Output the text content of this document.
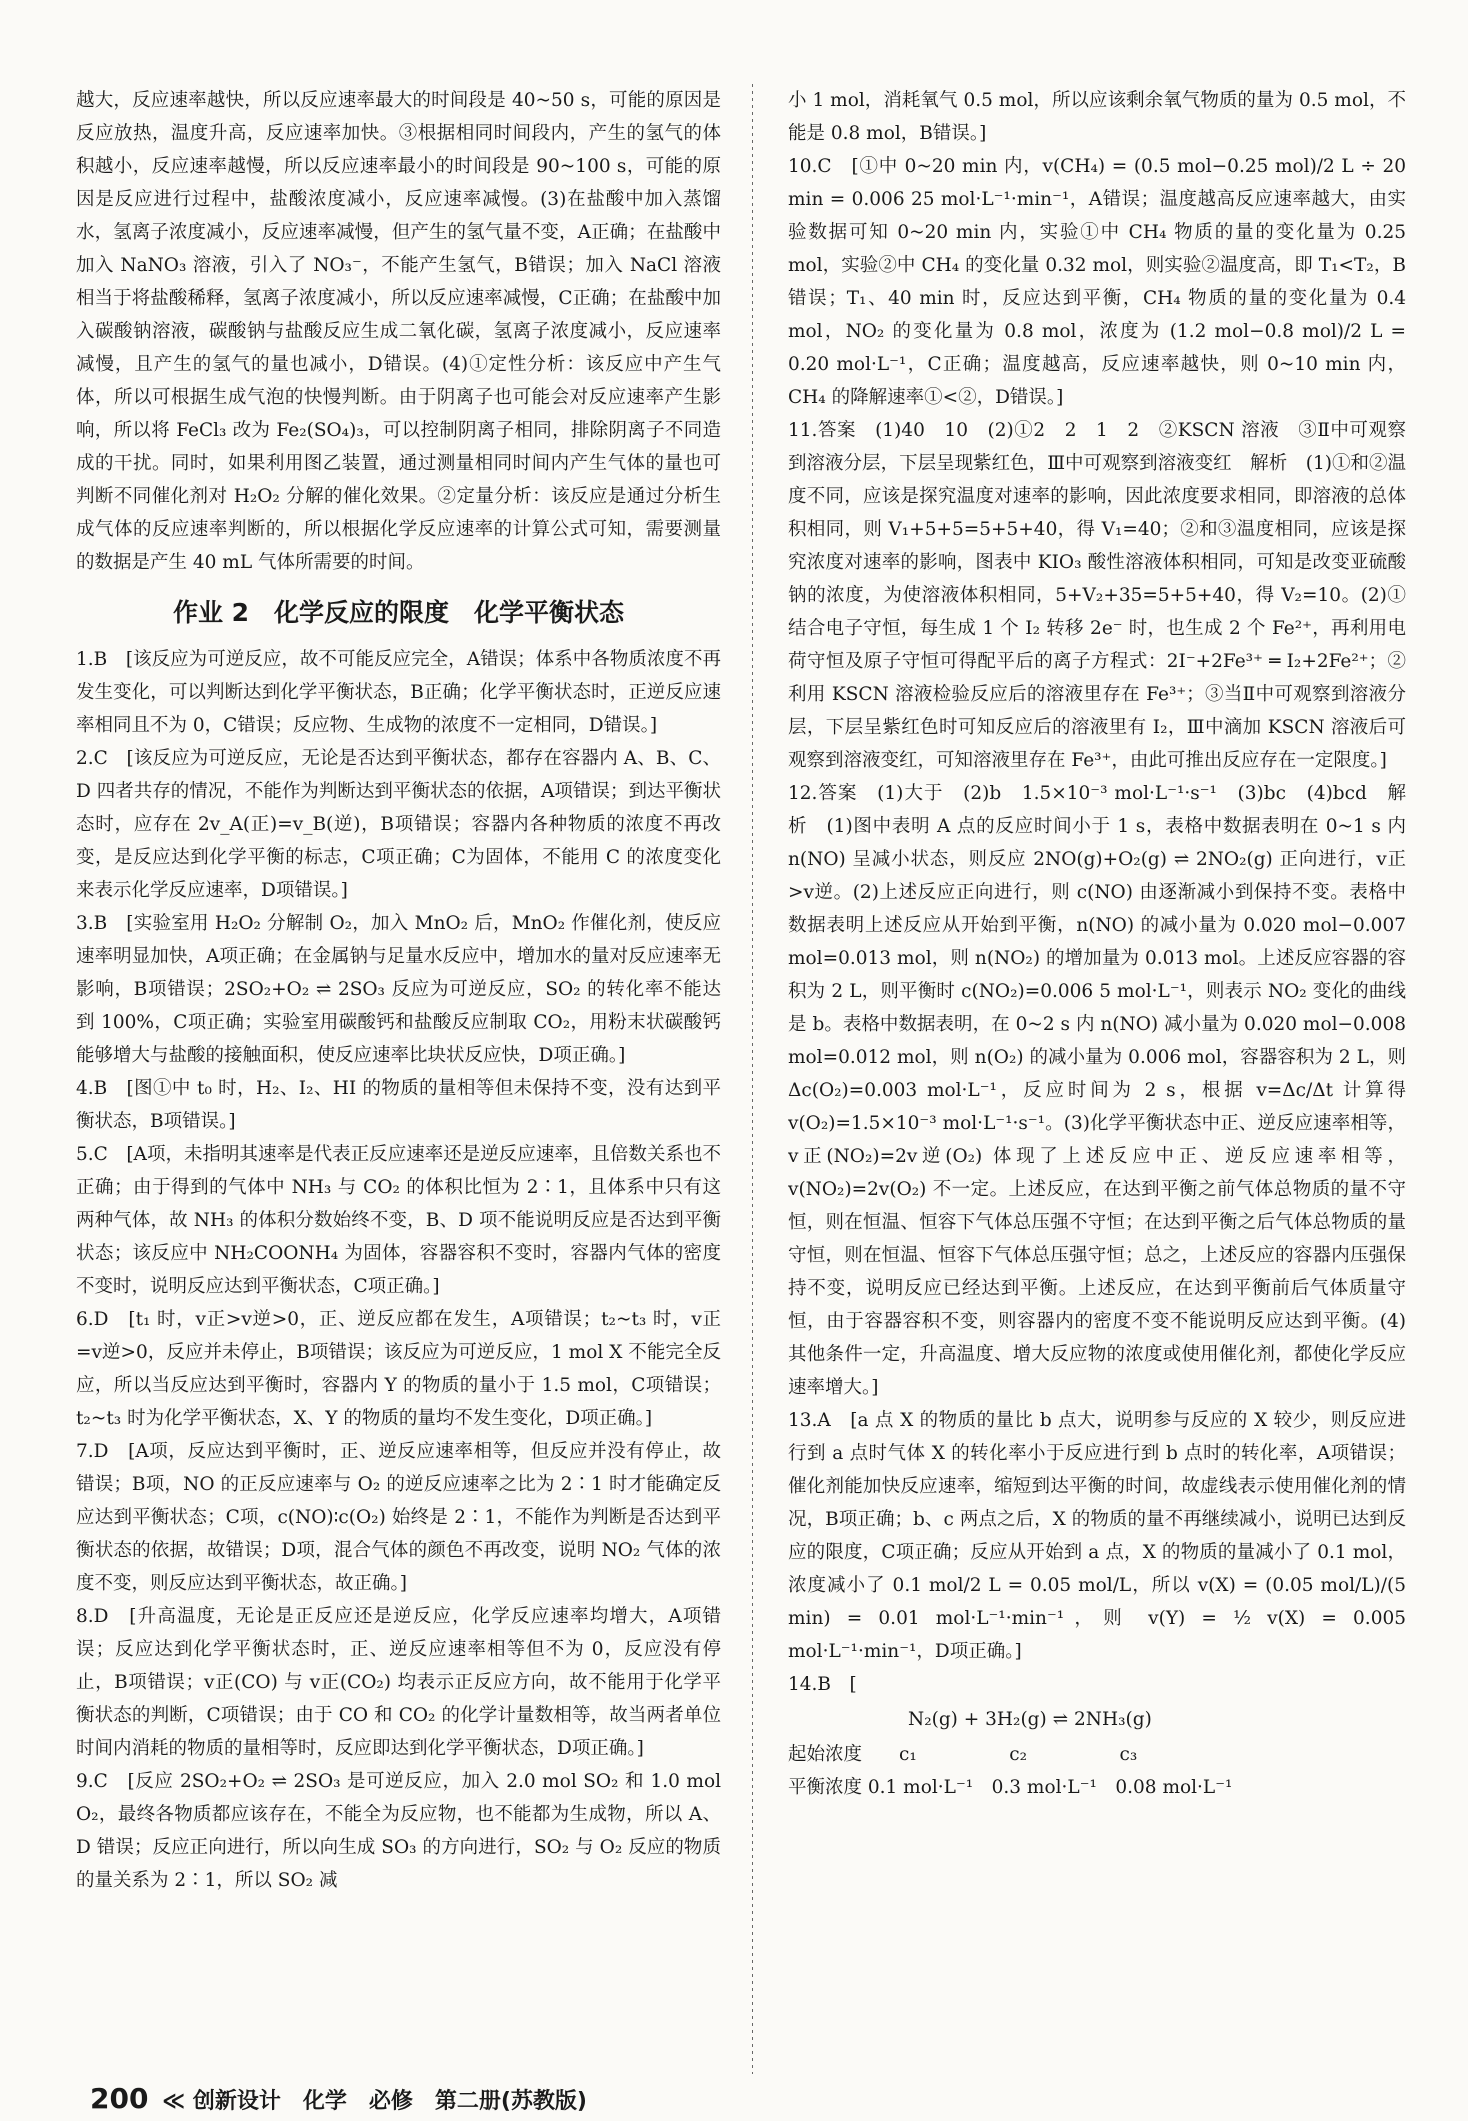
越大，反应速率越快，所以反应速率最大的时间段是 40~50 s，可能的原因是反应放热，温度升高，反应速率加快。③根据相同时间段内，产生的氢气的体积越小，反应速率越慢，所以反应速率最小的时间段是 90~100 s，可能的原因是反应进行过程中，盐酸浓度减小，反应速率减慢。(3)在盐酸中加入蒸馏水，氢离子浓度减小，反应速率减慢，但产生的氢气量不变，A正确；在盐酸中加入 NaNO₃ 溶液，引入了 NO₃⁻，不能产生氢气，B错误；加入 NaCl 溶液相当于将盐酸稀释，氢离子浓度减小，所以反应速率减慢，C正确；在盐酸中加入碳酸钠溶液，碳酸钠与盐酸反应生成二氧化碳，氢离子浓度减小，反应速率减慢，且产生的氢气的量也减小，D错误。(4)①定性分析：该反应中产生气体，所以可根据生成气泡的快慢判断。由于阴离子也可能会对反应速率产生影响，所以将 FeCl₃ 改为 Fe₂(SO₄)₃，可以控制阴离子相同，排除阴离子不同造成的干扰。同时，如果利用图乙装置，通过测量相同时间内产生气体的量也可判断不同催化剂对 H₂O₂ 分解的催化效果。②定量分析：该反应是通过分析生成气体的反应速率判断的，所以根据化学反应速率的计算公式可知，需要测量的数据是产生 40 mL 气体所需要的时间。

作业 2　化学反应的限度　化学平衡状态

1.B　[该反应为可逆反应，故不可能反应完全，A错误；体系中各物质浓度不再发生变化，可以判断达到化学平衡状态，B正确；化学平衡状态时，正逆反应速率相同且不为 0，C错误；反应物、生成物的浓度不一定相同，D错误。]

2.C　[该反应为可逆反应，无论是否达到平衡状态，都存在容器内 A、B、C、D 四者共存的情况，不能作为判断达到平衡状态的依据，A项错误；到达平衡状态时，应存在 2v_A(正)=v_B(逆)，B项错误；容器内各种物质的浓度不再改变，是反应达到化学平衡的标志，C项正确；C为固体，不能用 C 的浓度变化来表示化学反应速率，D项错误。]

3.B　[实验室用 H₂O₂ 分解制 O₂，加入 MnO₂ 后，MnO₂ 作催化剂，使反应速率明显加快，A项正确；在金属钠与足量水反应中，增加水的量对反应速率无影响，B项错误；2SO₂+O₂ ⇌ 2SO₃ 反应为可逆反应，SO₂ 的转化率不能达到 100%，C项正确；实验室用碳酸钙和盐酸反应制取 CO₂，用粉末状碳酸钙能够增大与盐酸的接触面积，使反应速率比块状反应快，D项正确。]

4.B　[图①中 t₀ 时，H₂、I₂、HI 的物质的量相等但未保持不变，没有达到平衡状态，B项错误。]

5.C　[A项，未指明其速率是代表正反应速率还是逆反应速率，且倍数关系也不正确；由于得到的气体中 NH₃ 与 CO₂ 的体积比恒为 2∶1，且体系中只有这两种气体，故 NH₃ 的体积分数始终不变，B、D 项不能说明反应是否达到平衡状态；该反应中 NH₂COONH₄ 为固体，容器容积不变时，容器内气体的密度不变时，说明反应达到平衡状态，C项正确。]

6.D　[t₁ 时，v正>v逆>0，正、逆反应都在发生，A项错误；t₂~t₃ 时，v正=v逆>0，反应并未停止，B项错误；该反应为可逆反应，1 mol X 不能完全反应，所以当反应达到平衡时，容器内 Y 的物质的量小于 1.5 mol，C项错误；t₂~t₃ 时为化学平衡状态，X、Y 的物质的量均不发生变化，D项正确。]

7.D　[A项，反应达到平衡时，正、逆反应速率相等，但反应并没有停止，故错误；B项，NO 的正反应速率与 O₂ 的逆反应速率之比为 2∶1 时才能确定反应达到平衡状态；C项，c(NO)∶c(O₂) 始终是 2∶1，不能作为判断是否达到平衡状态的依据，故错误；D项，混合气体的颜色不再改变，说明 NO₂ 气体的浓度不变，则反应达到平衡状态，故正确。]

8.D　[升高温度，无论是正反应还是逆反应，化学反应速率均增大，A项错误；反应达到化学平衡状态时，正、逆反应速率相等但不为 0，反应没有停止，B项错误；v正(CO) 与 v正(CO₂) 均表示正反应方向，故不能用于化学平衡状态的判断，C项错误；由于 CO 和 CO₂ 的化学计量数相等，故当两者单位时间内消耗的物质的量相等时，反应即达到化学平衡状态，D项正确。]

9.C　[反应 2SO₂+O₂ ⇌ 2SO₃ 是可逆反应，加入 2.0 mol SO₂ 和 1.0 mol O₂，最终各物质都应该存在，不能全为反应物，也不能都为生成物，所以 A、D 错误；反应正向进行，所以向生成 SO₃ 的方向进行，SO₂ 与 O₂ 反应的物质的量关系为 2∶1，所以 SO₂ 减

小 1 mol，消耗氧气 0.5 mol，所以应该剩余氧气物质的量为 0.5 mol，不能是 0.8 mol，B错误。]

10.C　[①中 0~20 min 内，v(CH₄) = (0.5 mol−0.25 mol)/2 L ÷ 20 min = 0.006 25 mol·L⁻¹·min⁻¹，A错误；温度越高反应速率越大，由实验数据可知 0~20 min 内，实验①中 CH₄ 物质的量的变化量为 0.25 mol，实验②中 CH₄ 的变化量 0.32 mol，则实验②温度高，即 T₁<T₂，B错误；T₁、40 min 时，反应达到平衡，CH₄ 物质的量的变化量为 0.4 mol，NO₂ 的变化量为 0.8 mol，浓度为 (1.2 mol−0.8 mol)/2 L = 0.20 mol·L⁻¹，C正确；温度越高，反应速率越快，则 0~10 min 内，CH₄ 的降解速率①<②，D错误。]

11.答案　(1)40　10　(2)①2　2　1　2　②KSCN 溶液　③Ⅱ中可观察到溶液分层，下层呈现紫红色，Ⅲ中可观察到溶液变红　解析　(1)①和②温度不同，应该是探究温度对速率的影响，因此浓度要求相同，即溶液的总体积相同，则 V₁+5+5=5+5+40，得 V₁=40；②和③温度相同，应该是探究浓度对速率的影响，图表中 KIO₃ 酸性溶液体积相同，可知是改变亚硫酸钠的浓度，为使溶液体积相同，5+V₂+35=5+5+40，得 V₂=10。(2)①结合电子守恒，每生成 1 个 I₂ 转移 2e⁻ 时，也生成 2 个 Fe²⁺，再利用电荷守恒及原子守恒可得配平后的离子方程式：2I⁻+2Fe³⁺ ═ I₂+2Fe²⁺；②利用 KSCN 溶液检验反应后的溶液里存在 Fe³⁺；③当Ⅱ中可观察到溶液分层，下层呈紫红色时可知反应后的溶液里有 I₂，Ⅲ中滴加 KSCN 溶液后可观察到溶液变红，可知溶液里存在 Fe³⁺，由此可推出反应存在一定限度。]

12.答案　(1)大于　(2)b　1.5×10⁻³ mol·L⁻¹·s⁻¹　(3)bc　(4)bcd　解析　(1)图中表明 A 点的反应时间小于 1 s，表格中数据表明在 0~1 s 内 n(NO) 呈减小状态，则反应 2NO(g)+O₂(g) ⇌ 2NO₂(g) 正向进行，v正>v逆。(2)上述反应正向进行，则 c(NO) 由逐渐减小到保持不变。表格中数据表明上述反应从开始到平衡，n(NO) 的减小量为 0.020 mol−0.007 mol=0.013 mol，则 n(NO₂) 的增加量为 0.013 mol。上述反应容器的容积为 2 L，则平衡时 c(NO₂)=0.006 5 mol·L⁻¹，则表示 NO₂ 变化的曲线是 b。表格中数据表明，在 0~2 s 内 n(NO) 减小量为 0.020 mol−0.008 mol=0.012 mol，则 n(O₂) 的减小量为 0.006 mol，容器容积为 2 L，则 Δc(O₂)=0.003 mol·L⁻¹，反应时间为 2 s，根据 v=Δc/Δt 计算得 v(O₂)=1.5×10⁻³ mol·L⁻¹·s⁻¹。(3)化学平衡状态中正、逆反应速率相等，v正(NO₂)=2v逆(O₂) 体现了上述反应中正、逆反应速率相等，v(NO₂)=2v(O₂) 不一定。上述反应，在达到平衡之前气体总物质的量不守恒，则在恒温、恒容下气体总压强不守恒；在达到平衡之后气体总物质的量守恒，则在恒温、恒容下气体总压强守恒；总之，上述反应的容器内压强保持不变，说明反应已经达到平衡。上述反应，在达到平衡前后气体质量守恒，由于容器容积不变，则容器内的密度不变不能说明反应达到平衡。(4)其他条件一定，升高温度、增大反应物的浓度或使用催化剂，都使化学反应速率增大。]

13.A　[a 点 X 的物质的量比 b 点大，说明参与反应的 X 较少，则反应进行到 a 点时气体 X 的转化率小于反应进行到 b 点时的转化率，A项错误；催化剂能加快反应速率，缩短到达平衡的时间，故虚线表示使用催化剂的情况，B项正确；b、c 两点之后，X 的物质的量不再继续减小，说明已达到反应的限度，C项正确；反应从开始到 a 点，X 的物质的量减小了 0.1 mol，浓度减小了 0.1 mol/2 L = 0.05 mol/L，所以 v(X) = (0.05 mol/L)/(5 min) = 0.01 mol·L⁻¹·min⁻¹，则 v(Y) = ½ v(X) = 0.005 mol·L⁻¹·min⁻¹，D项正确。]

14.B　[

N₂(g) + 3H₂(g) ⇌ 2NH₃(g)

起始浓度　　c₁　　　　　c₂　　　　　c₃

平衡浓度 0.1 mol·L⁻¹　0.3 mol·L⁻¹　0.08 mol·L⁻¹

200 ≪ 创新设计　化学　必修　第二册(苏教版)
